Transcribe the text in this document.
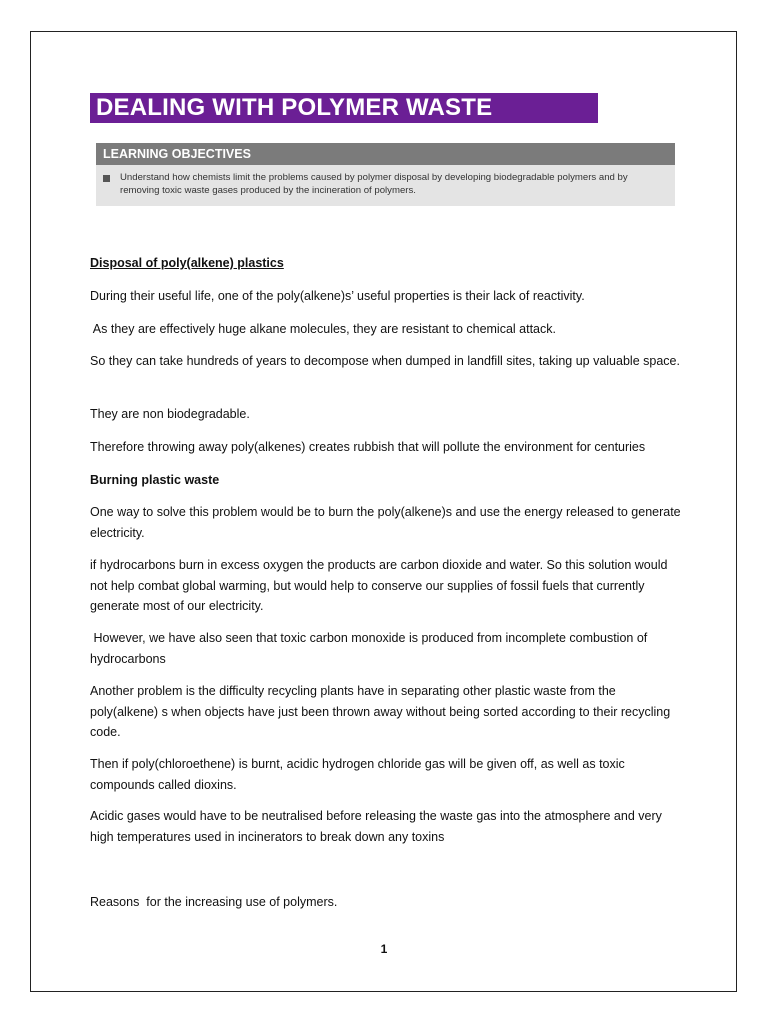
DEALING WITH POLYMER WASTE
LEARNING OBJECTIVES
Understand how chemists limit the problems caused by polymer disposal by developing biodegradable polymers and by removing toxic waste gases produced by the incineration of polymers.
Disposal of poly(alkene) plastics
During their useful life, one of the poly(alkene)s’ useful properties is their lack of reactivity.
As they are effectively huge alkane molecules, they are resistant to chemical attack.
So they can take hundreds of years to decompose when dumped in landfill sites, taking up valuable space.
They are non biodegradable.
Therefore throwing away poly(alkenes) creates rubbish that will pollute the environment for centuries
Burning plastic waste
One way to solve this problem would be to burn the poly(alkene)s and use the energy released to generate electricity.
if hydrocarbons burn in excess oxygen the products are carbon dioxide and water. So this solution would not help combat global warming, but would help to conserve our supplies of fossil fuels that currently generate most of our electricity.
However, we have also seen that toxic carbon monoxide is produced from incomplete combustion of hydrocarbons
Another problem is the difficulty recycling plants have in separating other plastic waste from the poly(alkene) s when objects have just been thrown away without being sorted according to their recycling code.
Then if poly(chloroethene) is burnt, acidic hydrogen chloride gas will be given off, as well as toxic compounds called dioxins.
Acidic gases would have to be neutralised before releasing the waste gas into the atmosphere and very high temperatures used in incinerators to break down any toxins
Reasons  for the increasing use of polymers.
1
